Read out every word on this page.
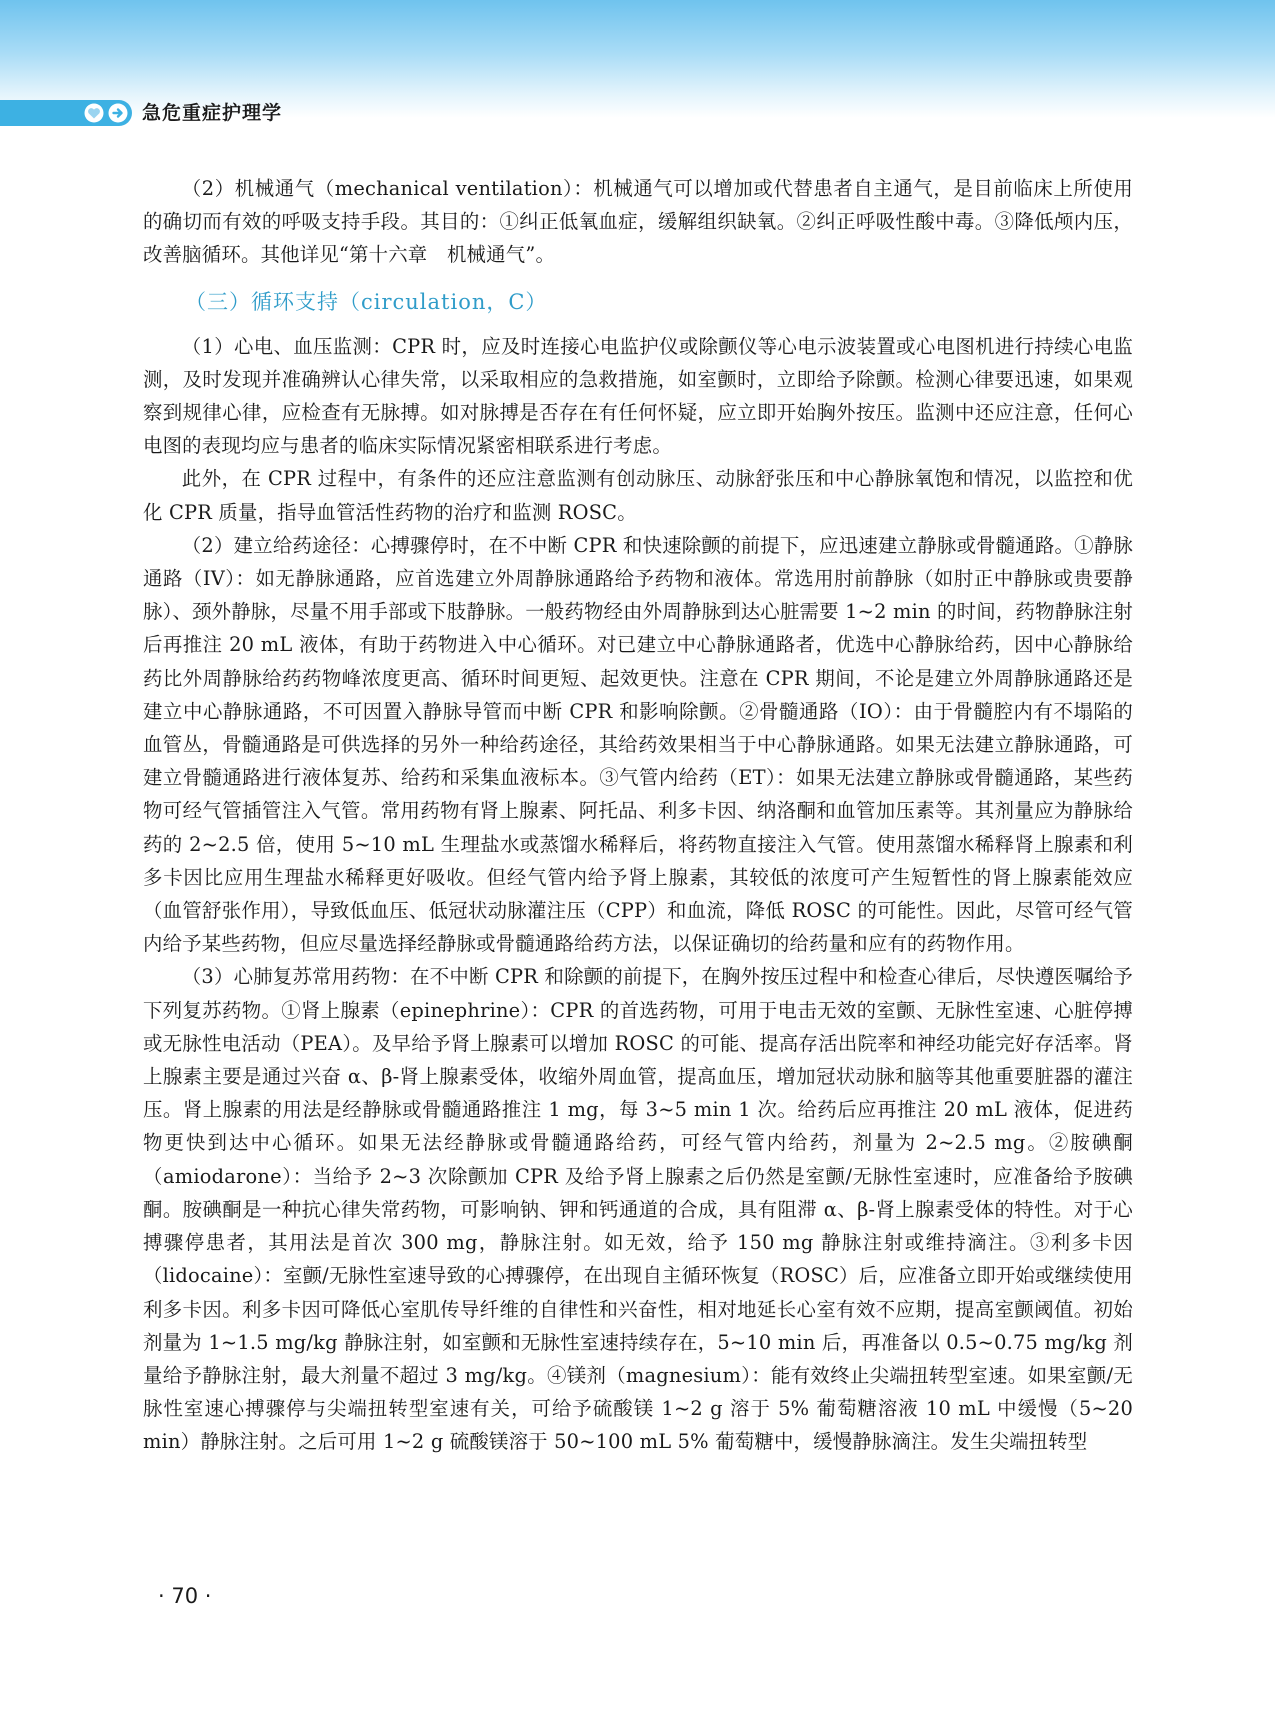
急危重症护理学

（2）机械通气（mechanical ventilation）：机械通气可以增加或代替患者自主通气，是目前临床上所使用的确切而有效的呼吸支持手段。其目的：①纠正低氧血症，缓解组织缺氧。②纠正呼吸性酸中毒。③降低颅内压，改善脑循环。其他详见“第十六章　机械通气”。

（三）循环支持（circulation，C）

（1）心电、血压监测：CPR 时，应及时连接心电监护仪或除颤仪等心电示波装置或心电图机进行持续心电监测，及时发现并准确辨认心律失常，以采取相应的急救措施，如室颤时，立即给予除颤。检测心律要迅速，如果观察到规律心律，应检查有无脉搏。如对脉搏是否存在有任何怀疑，应立即开始胸外按压。监测中还应注意，任何心电图的表现均应与患者的临床实际情况紧密相联系进行考虑。

此外，在 CPR 过程中，有条件的还应注意监测有创动脉压、动脉舒张压和中心静脉氧饱和情况，以监控和优化 CPR 质量，指导血管活性药物的治疗和监测 ROSC。

（2）建立给药途径：心搏骤停时，在不中断 CPR 和快速除颤的前提下，应迅速建立静脉或骨髓通路。①静脉通路（IV）：如无静脉通路，应首选建立外周静脉通路给予药物和液体。常选用肘前静脉（如肘正中静脉或贵要静脉）、颈外静脉，尽量不用手部或下肢静脉。一般药物经由外周静脉到达心脏需要 1~2 min 的时间，药物静脉注射后再推注 20 mL 液体，有助于药物进入中心循环。对已建立中心静脉通路者，优选中心静脉给药，因中心静脉给药比外周静脉给药药物峰浓度更高、循环时间更短、起效更快。注意在 CPR 期间，不论是建立外周静脉通路还是建立中心静脉通路，不可因置入静脉导管而中断 CPR 和影响除颤。②骨髓通路（IO）：由于骨髓腔内有不塌陷的血管丛，骨髓通路是可供选择的另外一种给药途径，其给药效果相当于中心静脉通路。如果无法建立静脉通路，可建立骨髓通路进行液体复苏、给药和采集血液标本。③气管内给药（ET）：如果无法建立静脉或骨髓通路，某些药物可经气管插管注入气管。常用药物有肾上腺素、阿托品、利多卡因、纳洛酮和血管加压素等。其剂量应为静脉给药的 2~2.5 倍，使用 5~10 mL 生理盐水或蒸馏水稀释后，将药物直接注入气管。使用蒸馏水稀释肾上腺素和利多卡因比应用生理盐水稀释更好吸收。但经气管内给予肾上腺素，其较低的浓度可产生短暂性的肾上腺素能效应（血管舒张作用），导致低血压、低冠状动脉灌注压（CPP）和血流，降低 ROSC 的可能性。因此，尽管可经气管内给予某些药物，但应尽量选择经静脉或骨髓通路给药方法，以保证确切的给药量和应有的药物作用。

（3）心肺复苏常用药物：在不中断 CPR 和除颤的前提下，在胸外按压过程中和检查心律后，尽快遵医嘱给予下列复苏药物。①肾上腺素（epinephrine）：CPR 的首选药物，可用于电击无效的室颤、无脉性室速、心脏停搏或无脉性电活动（PEA）。及早给予肾上腺素可以增加 ROSC 的可能、提高存活出院率和神经功能完好存活率。肾上腺素主要是通过兴奋 α、β-肾上腺素受体，收缩外周血管，提高血压，增加冠状动脉和脑等其他重要脏器的灌注压。肾上腺素的用法是经静脉或骨髓通路推注 1 mg，每 3~5 min 1 次。给药后应再推注 20 mL 液体，促进药物更快到达中心循环。如果无法经静脉或骨髓通路给药，可经气管内给药，剂量为 2~2.5 mg。②胺碘酮（amiodarone）：当给予 2~3 次除颤加 CPR 及给予肾上腺素之后仍然是室颤/无脉性室速时，应准备给予胺碘酮。胺碘酮是一种抗心律失常药物，可影响钠、钾和钙通道的合成，具有阻滞 α、β-肾上腺素受体的特性。对于心搏骤停患者，其用法是首次 300 mg，静脉注射。如无效，给予 150 mg 静脉注射或维持滴注。③利多卡因（lidocaine）：室颤/无脉性室速导致的心搏骤停，在出现自主循环恢复（ROSC）后，应准备立即开始或继续使用利多卡因。利多卡因可降低心室肌传导纤维的自律性和兴奋性，相对地延长心室有效不应期，提高室颤阈值。初始剂量为 1~1.5 mg/kg 静脉注射，如室颤和无脉性室速持续存在，5~10 min 后，再准备以 0.5~0.75 mg/kg 剂量给予静脉注射，最大剂量不超过 3 mg/kg。④镁剂（magnesium）：能有效终止尖端扭转型室速。如果室颤/无脉性室速心搏骤停与尖端扭转型室速有关，可给予硫酸镁 1~2 g 溶于 5% 葡萄糖溶液 10 mL 中缓慢（5~20 min）静脉注射。之后可用 1~2 g 硫酸镁溶于 50~100 mL 5% 葡萄糖中，缓慢静脉滴注。发生尖端扭转型

· 70 ·
